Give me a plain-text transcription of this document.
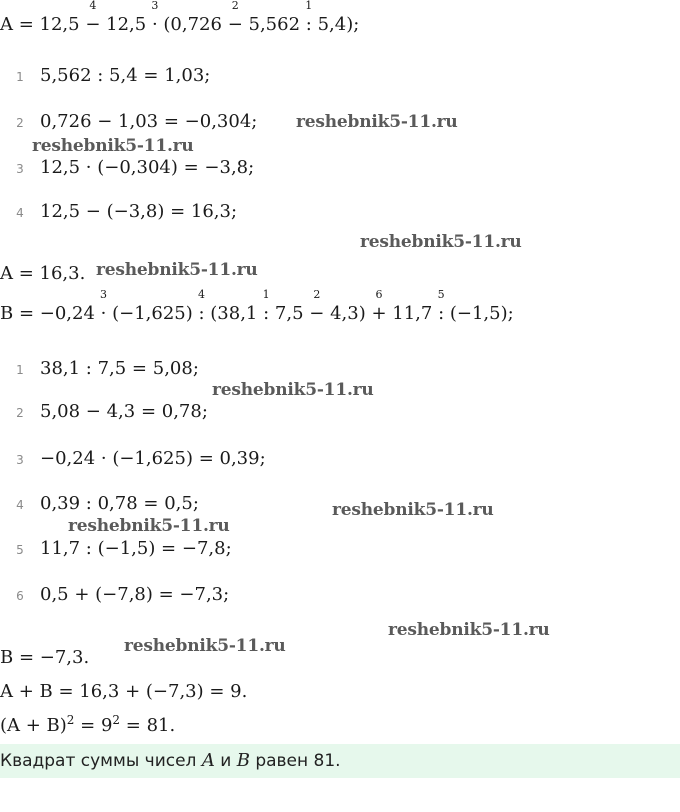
A = 12,5 −
4
12,5 ·
3
(0,726 −
2
5,562 :
1
5,4);
1 5,562 : 5,4 = 1,03;
2 0,726 − 1,03 = −0,304;
3 12,5 · (−0,304) = −3,8;
4 12,5 − (−3,8) = 16,3;
A = 16,3.
B = −0,24 ·
3
(−1,625) :
4
(38,1 :
1
7,5 −
2
4,3) +
6
11,7 :
5
(−1,5);
1 38,1 : 7,5 = 5,08;
2 5,08 − 4,3 = 0,78;
3 −0,24 · (−1,625) = 0,39;
4 0,39 : 0,78 = 0,5;
5 11,7 : (−1,5) = −7,8;
6 0,5 + (−7,8) = −7,3;
B = −7,3.
A + B = 16,3 + (−7,3) = 9.
$(A + B)^2 = 9^2 = 81$.
Квадрат суммы чисел A и B равен 81.
reshebnik5-11.ru
reshebnik5-11.ru
reshebnik5-11.ru
reshebnik5-11.ru
reshebnik5-11.ru
reshebnik5-11.ru
reshebnik5-11.ru
reshebnik5-11.ru
reshebnik5-11.ru
